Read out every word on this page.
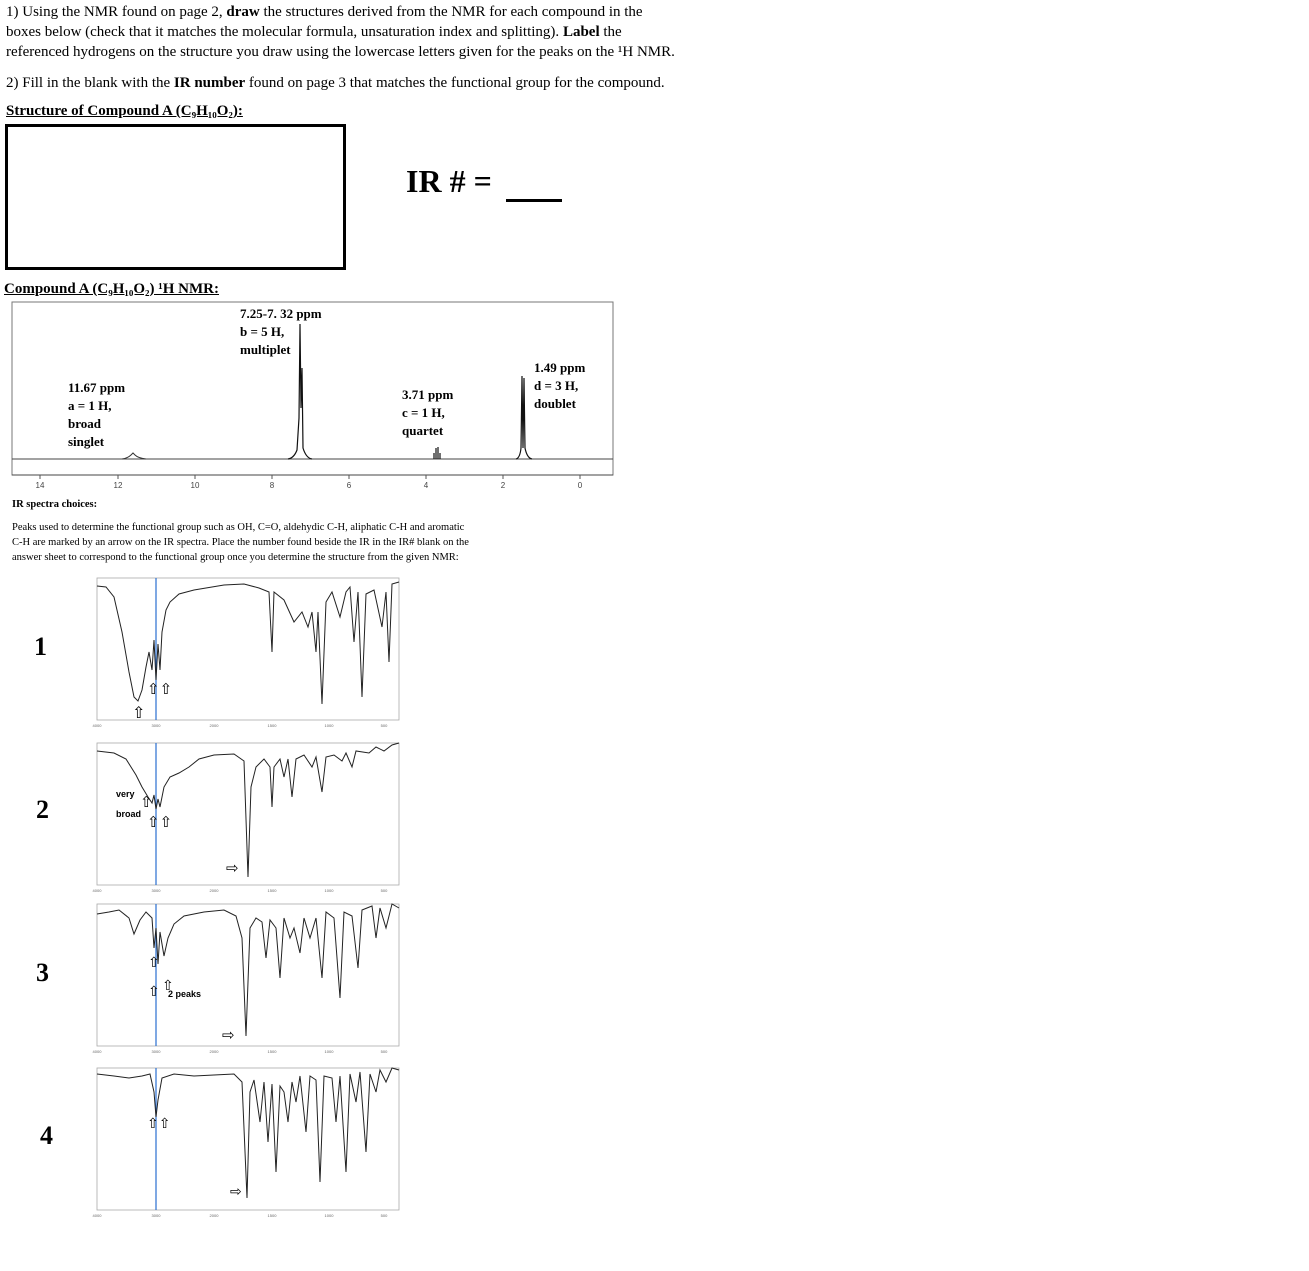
1) Using the NMR found on page 2, draw the structures derived from the NMR for each compound in the
boxes below (check that it matches the molecular formula, unsaturation index and splitting). Label the
referenced hydrogens on the structure you draw using the lowercase letters given for the peaks on the ¹H NMR.
2) Fill in the blank with the IR number found on page 3 that matches the functional group for the compound.
Structure of Compound A (C₉H₁₀O₂):
IR # =
Compound A (C₉H₁₀O₂) ¹H NMR:
14	12	10	8	6	4	2	0
11.67 ppm
a = 1 H,
broad
singlet
7.25-7. 32 ppm
b = 5 H,
multiplet
3.71 ppm
c = 1 H,
quartet
1.49 ppm
d = 3 H,
doublet
IR spectra choices:
Peaks used to determine the functional group such as OH, C=O, aldehydic C-H, aliphatic C-H and aromatic
C-H are marked by an arrow on the IR spectra. Place the number found beside the IR in the IR# blank on the
answer sheet to correspond to the functional group once you determine the structure from the given NMR:
1
2
3
4
⇧
⇧⇧
4000	3000	2000	1500	1000	500
⇧
⇧⇧
⇨
very
broad
4000	3000	2000	1500	1000	500
⇧
⇧ ⇧
⇨
2 peaks
4000	3000	2000	1500	1000	500
⇧⇧
⇨
4000	3000	2000	1500	1000	500
